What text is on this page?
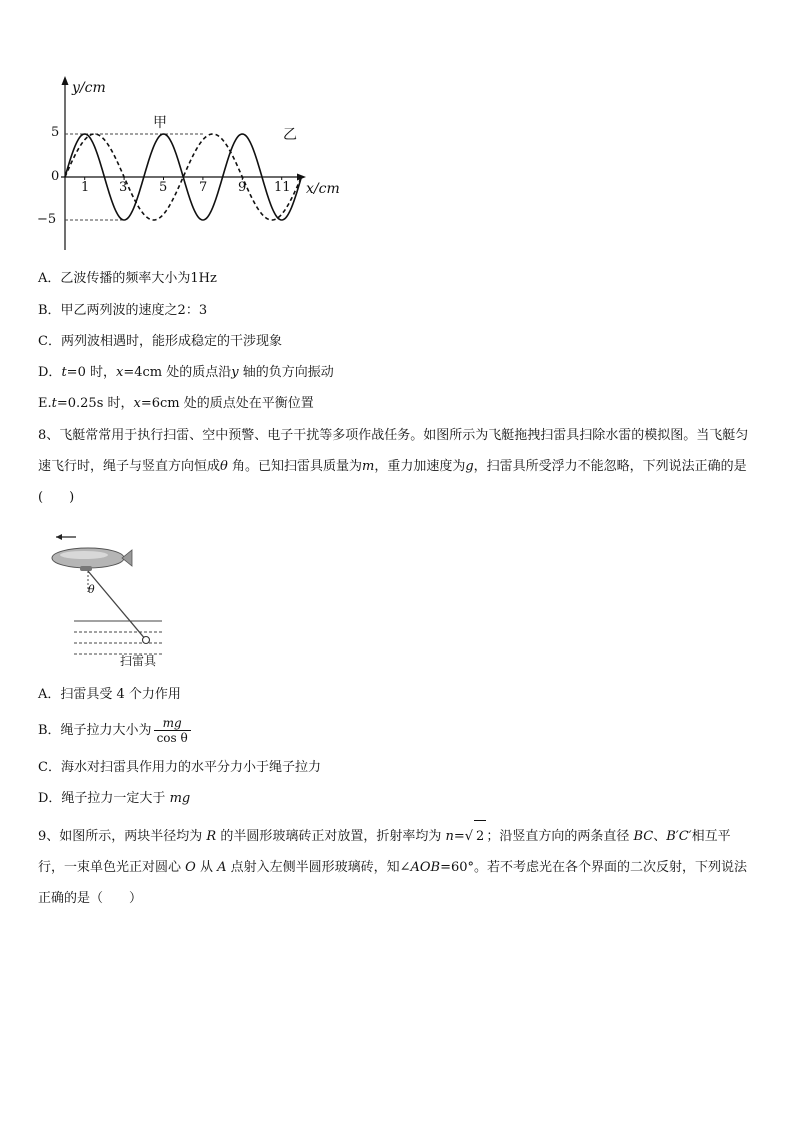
甲
乙
y/cm
x/cm
5
0
−5
1 3 5 7 9 11
A．乙波传播的频率大小为1Hz
B．甲乙两列波的速度之2：3
C．两列波相遇时，能形成稳定的干涉现象
D．t=0 时，x=4cm 处的质点沿y 轴的负方向振动
E.t=0.25s 时，x=6cm 处的质点处在平衡位置
8、飞艇常常用于执行扫雷、空中预警、电子干扰等多项作战任务。如图所示为飞艇拖拽扫雷具扫除水雷的模拟图。当飞艇匀速飞行时，绳子与竖直方向恒成θ 角。已知扫雷具质量为m，重力加速度为g，扫雷具所受浮力不能忽略，下列说法正确的是(　　)
θ
扫雷具
A．扫雷具受 4 个力作用
B．绳子拉力大小为 $\frac{mg}{\text{cos θ}}$
C．海水对扫雷具作用力的水平分力小于绳子拉力
D．绳子拉力一定大于 mg
9、如图所示，两块半径均为 R 的半圆形玻璃砖正对放置，折射率均为 n=√ 2 ；沿竖直方向的两条直径 BC、B′C′相互平行，一束单色光正对圆心 O 从 A 点射入左侧半圆形玻璃砖，知∠AOB=60°。若不考虑光在各个界面的二次反射，下列说法正确的是（　　）
